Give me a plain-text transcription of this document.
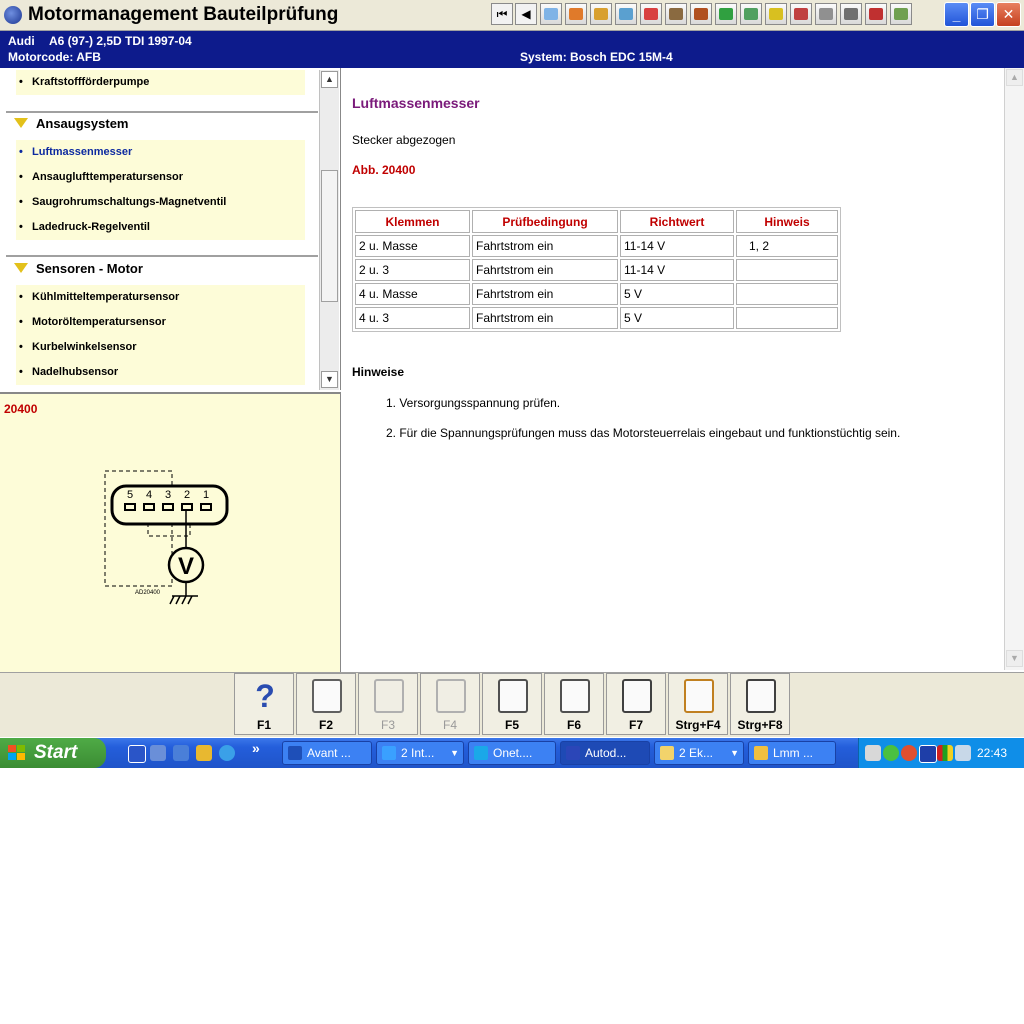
Motormanagement Bauteilprüfung	⏮	◀	_	❐ ✕
Audi A6 (97-) 2,5D TDI 1997-04
Motorcode: AFB	System: Bosch EDC 15M-4
• Kraftstoffförderpumpe
Ansaugsystem
• Luftmassenmesser
• Ansauglufttemperatursensor
• Saugrohrumschaltungs-Magnetventil
• Ladedruck-Regelventil
Sensoren - Motor
• Kühlmitteltemperatursensor
• Motoröltemperatursensor
• Kurbelwinkelsensor
• Nadelhubsensor
▲
▼
20400
5 4 3 2 1
V
AD20400
Luftmassenmesser
Stecker abgezogen
Abb. 20400
Klemmen	Prüfbedingung	Richtwert	Hinweis
2 u. Masse	Fahrtstrom ein	11-14 V	1, 2
2 u. 3	Fahrtstrom ein	11-14 V	
4 u. Masse	Fahrtstrom ein	5 V	
4 u. 3	Fahrtstrom ein	5 V	
Hinweise
1. Versorgungsspannung prüfen.
2. Für die Spannungsprüfungen muss das Motorsteuerrelais eingebaut und funktionstüchtig sein.
▲
▼
?
F1	F2	F3	F4	F5	F6	F7	Strg+F4	Strg+F8
Start	»	22:43
Avant ...	2 Int... ▼	Onet....	Autod...	2 Ek... ▼	Lmm ...
